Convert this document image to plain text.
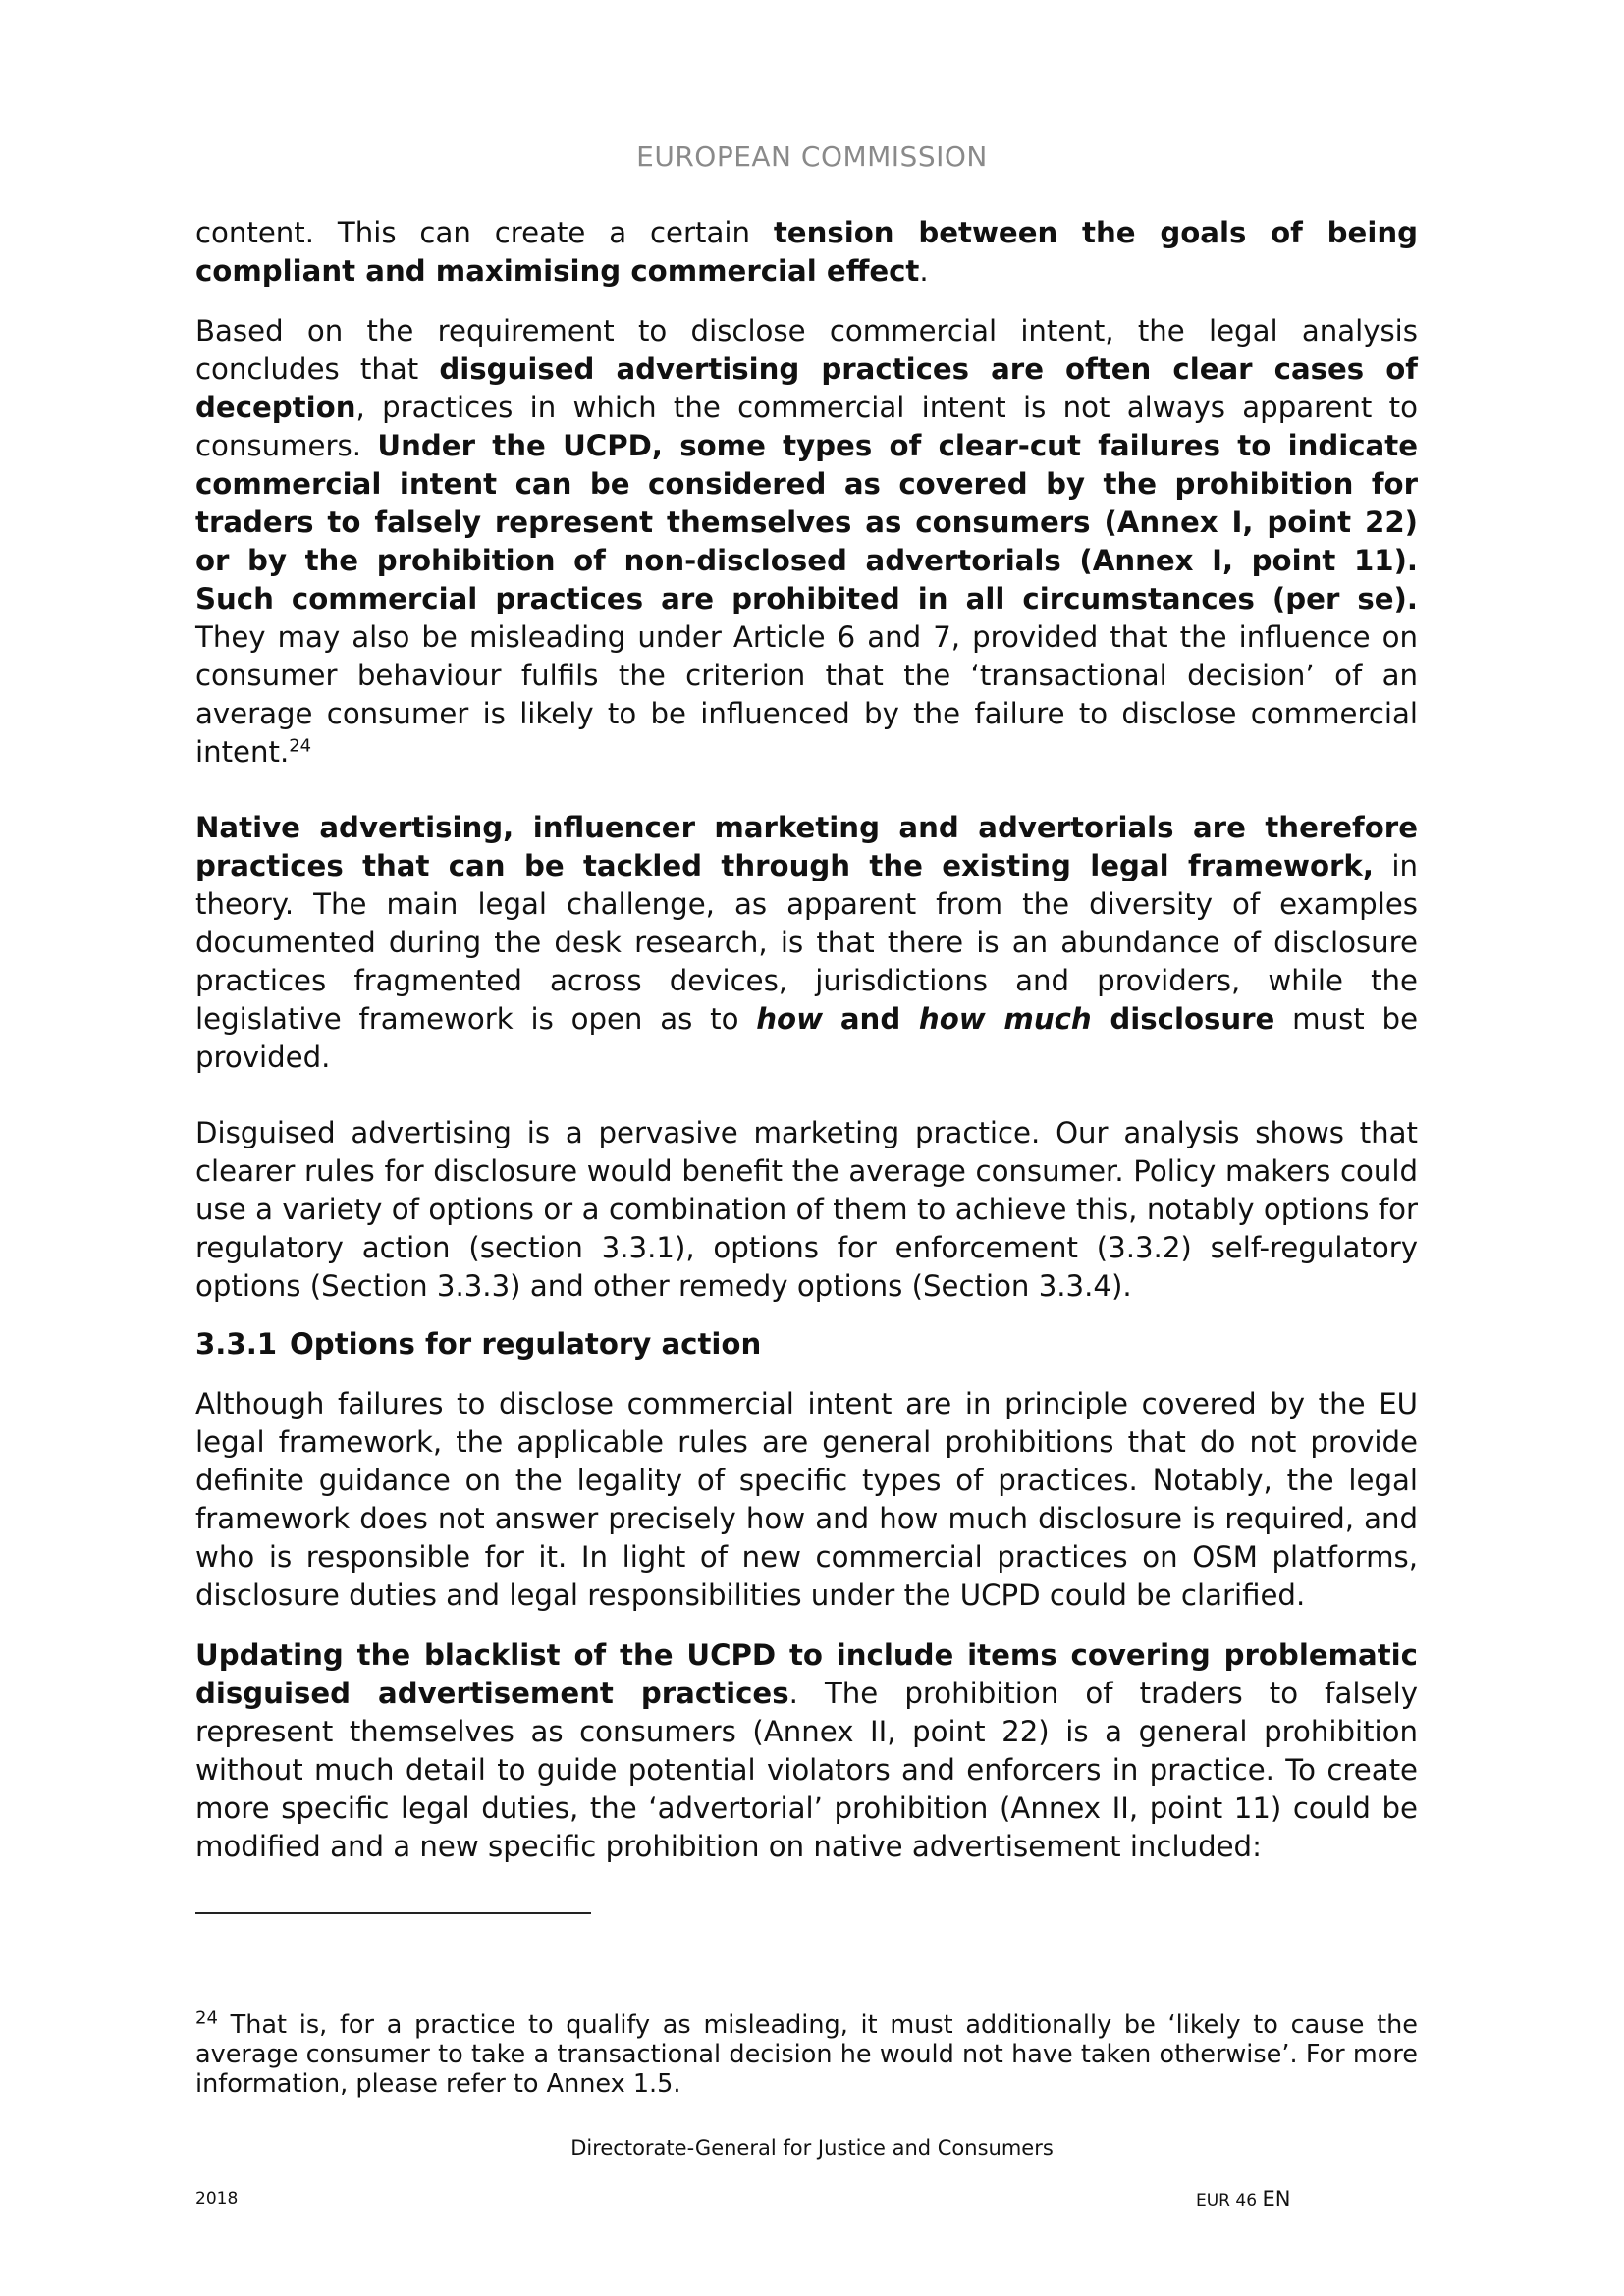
EUROPEAN COMMISSION

content. This can create a certain tension between the goals of being compliant and maximising commercial effect.

Based on the requirement to disclose commercial intent, the legal analysis concludes that disguised advertising practices are often clear cases of deception, practices in which the commercial intent is not always apparent to consumers. Under the UCPD, some types of clear-cut failures to indicate commercial intent can be considered as covered by the prohibition for traders to falsely represent themselves as consumers (Annex I, point 22) or by the prohibition of non-disclosed advertorials (Annex I, point 11). Such commercial practices are prohibited in all circumstances (per se). They may also be misleading under Article 6 and 7, provided that the influence on consumer behaviour fulfils the criterion that the ‘transactional decision’ of an average consumer is likely to be influenced by the failure to disclose commercial intent.$^{24}$

Native advertising, influencer marketing and advertorials are therefore practices that can be tackled through the existing legal framework, in theory. The main legal challenge, as apparent from the diversity of examples documented during the desk research, is that there is an abundance of disclosure practices fragmented across devices, jurisdictions and providers, while the legislative framework is open as to how and how much disclosure must be provided.

Disguised advertising is a pervasive marketing practice. Our analysis shows that clearer rules for disclosure would benefit the average consumer. Policy makers could use a variety of options or a combination of them to achieve this, notably options for regulatory action (section 3.3.1), options for enforcement (3.3.2) self-regulatory options (Section 3.3.3) and other remedy options (Section 3.3.4).

3.3.1 Options for regulatory action

Although failures to disclose commercial intent are in principle covered by the EU legal framework, the applicable rules are general prohibitions that do not provide definite guidance on the legality of specific types of practices. Notably, the legal framework does not answer precisely how and how much disclosure is required, and who is responsible for it. In light of new commercial practices on OSM platforms, disclosure duties and legal responsibilities under the UCPD could be clarified.

Updating the blacklist of the UCPD to include items covering problematic disguised advertisement practices. The prohibition of traders to falsely represent themselves as consumers (Annex II, point 22) is a general prohibition without much detail to guide potential violators and enforcers in practice. To create more specific legal duties, the ‘advertorial’ prohibition (Annex II, point 11) could be modified and a new specific prohibition on native advertisement included:

$^{24}$ That is, for a practice to qualify as misleading, it must additionally be ‘likely to cause the average consumer to take a transactional decision he would not have taken otherwise’. For more information, please refer to Annex 1.5.

Directorate-General for Justice and Consumers
2018	EUR 46 EN
